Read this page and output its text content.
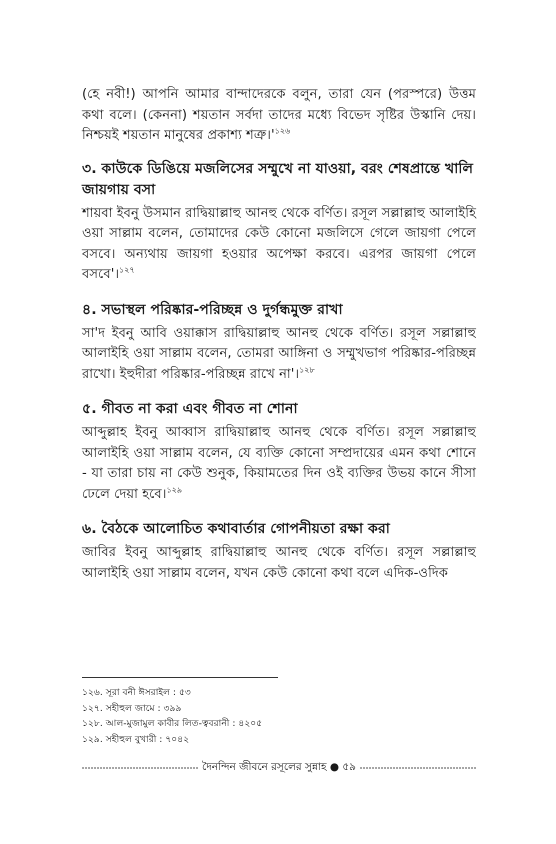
(হে নবী!) আপনি আমার বান্দাদেরকে বলুন, তারা যেন (পরস্পরে) উত্তম কথা বলে। (কেননা) শয়তান সর্বদা তাদের মধ্যে বিভেদ সৃষ্টির উস্কানি দেয়। নিশ্চয়ই শয়তান মানুষের প্রকাশ্য $শত্রু।'^{১২৬}$

৩. কাউকে ডিঙিয়ে মজলিসের সম্মুখে না যাওয়া, বরং শেষপ্রান্তে খালি জায়গায় বসা

শায়বা ইবনু উসমান রাদ্বিয়াল্লাহু আনহু থেকে বর্ণিত। রসূল সল্লাল্লাহু আলাইহি ওয়া সাল্লাম বলেন, তোমাদের কেউ কোনো মজলিসে গেলে জায়গা পেলে বসবে। অন্যথায় জায়গা হওয়ার অপেক্ষা করবে। এরপর জায়গা পেলে বসবে'।$^{১২৭}$

৪. সভাস্থল পরিষ্কার-পরিচ্ছন্ন ও দুর্গন্ধমুক্ত রাখা

সা'দ ইবনু আবি ওয়াক্কাস রাদ্বিয়াল্লাহু আনহু থেকে বর্ণিত। রসূল সল্লাল্লাহু আলাইহি ওয়া সাল্লাম বলেন, তোমরা আঙ্গিনা ও সম্মুখভাগ পরিষ্কার-পরিচ্ছন্ন রাখো। ইহুদীরা পরিষ্কার-পরিচ্ছন্ন রাখে না'।$^{১২৮}$

৫. গীবত না করা এবং গীবত না শোনা

আব্দুল্লাহ ইবনু আব্বাস রাদ্বিয়াল্লাহু আনহু থেকে বর্ণিত। রসূল সল্লাল্লাহু আলাইহি ওয়া সাল্লাম বলেন, যে ব্যক্তি কোনো সম্প্রদায়ের এমন কথা শোনে - যা তারা চায় না কেউ শুনুক, কিয়ামতের দিন ওই ব্যক্তির উভয় কানে সীসা ঢেলে দেয়া হবে।$^{১২৯}$

৬. বৈঠকে আলোচিত কথাবার্তার গোপনীয়তা রক্ষা করা

জাবির ইবনু আব্দুল্লাহ রাদ্বিয়াল্লাহু আনহু থেকে বর্ণিত। রসূল সল্লাল্লাহু আলাইহি ওয়া সাল্লাম বলেন, যখন কেউ কোনো কথা বলে এদিক-ওদিক

১২৬. সূরা বনী ঈসরাইল : ৫৩

১২৭. সহীহুল জামে : ৩৯৯

১২৮. আল-মুজামুল কাবীর লিত-ত্ববরানী : ৪২০৫

১২৯. সহীহুল বুখারী : ৭০৪২

দৈনন্দিন জীবনে রসূলের সুন্নাহ ● ৫৯
